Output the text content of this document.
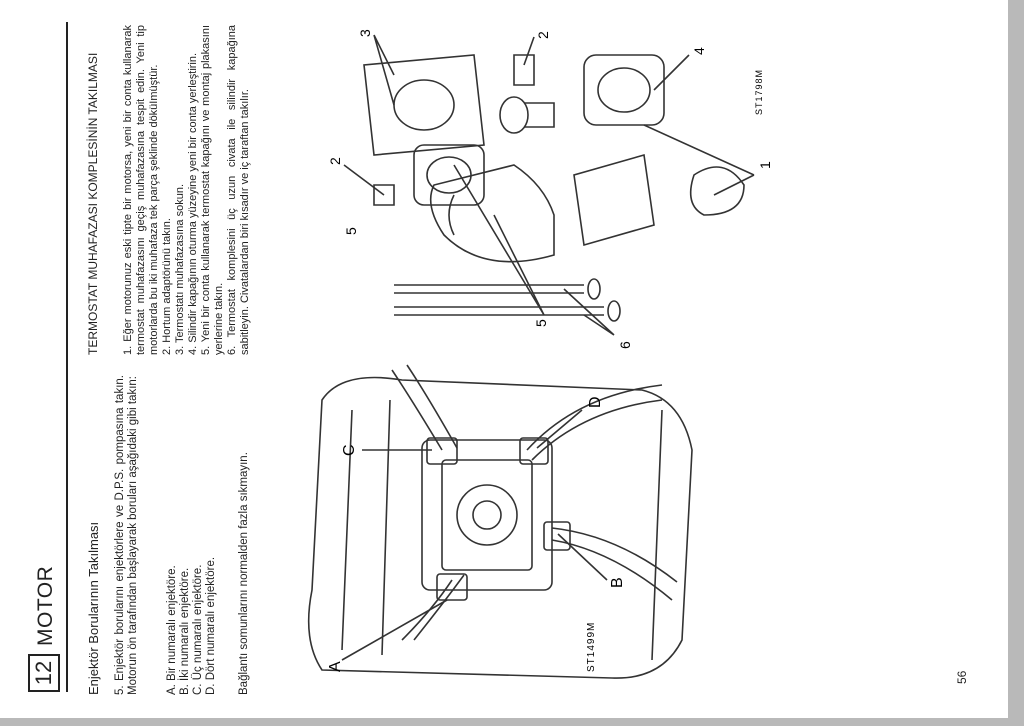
12
MOTOR Enjektör Borularının Takılması 5. Enjektör borularını enjektörlere ve D.P.S. pompasına takın. Motorun ön tarafından başlayarak boruları aşağıdaki gibi takın: A. Bir numaralı enjektöre. B. İki numaralı enjektöre. C. Üç numaralı enjektöre. D. Dört numaralı enjektöre. Bağlantı somunlarını normalden fazla sıkmayın.	A
B
C
D
ST1499M
TERMOSTAT MUHAFAZASI KOMPLESİNİN TAKILMASI 1. Eğer motorunuz eski tipte bir motorsa, yeni bir conta kullanarak termostat muhafazasını geçiş muhafazasına tespit edin. Yeni tip motorlarda bu iki muhafaza tek parça şeklinde döküImüştür. 2. Hortum adaptörünü takın. 3. Termostatı muhafazasına sokun. 4. Silindir kapağının oturma yüzeyine yeni bir conta yerleştirin. 5. Yeni bir conta kullanarak termostat kapağını ve montaj plakasını yerlerine takın. 6. Termostat komplesini üç uzun civata ile silindir kapağına sabitleyin. Civatalardan biri kısadır ve iç taraftan takılır.	6
2
2
3
4
5
1
5
ST1798M
56
